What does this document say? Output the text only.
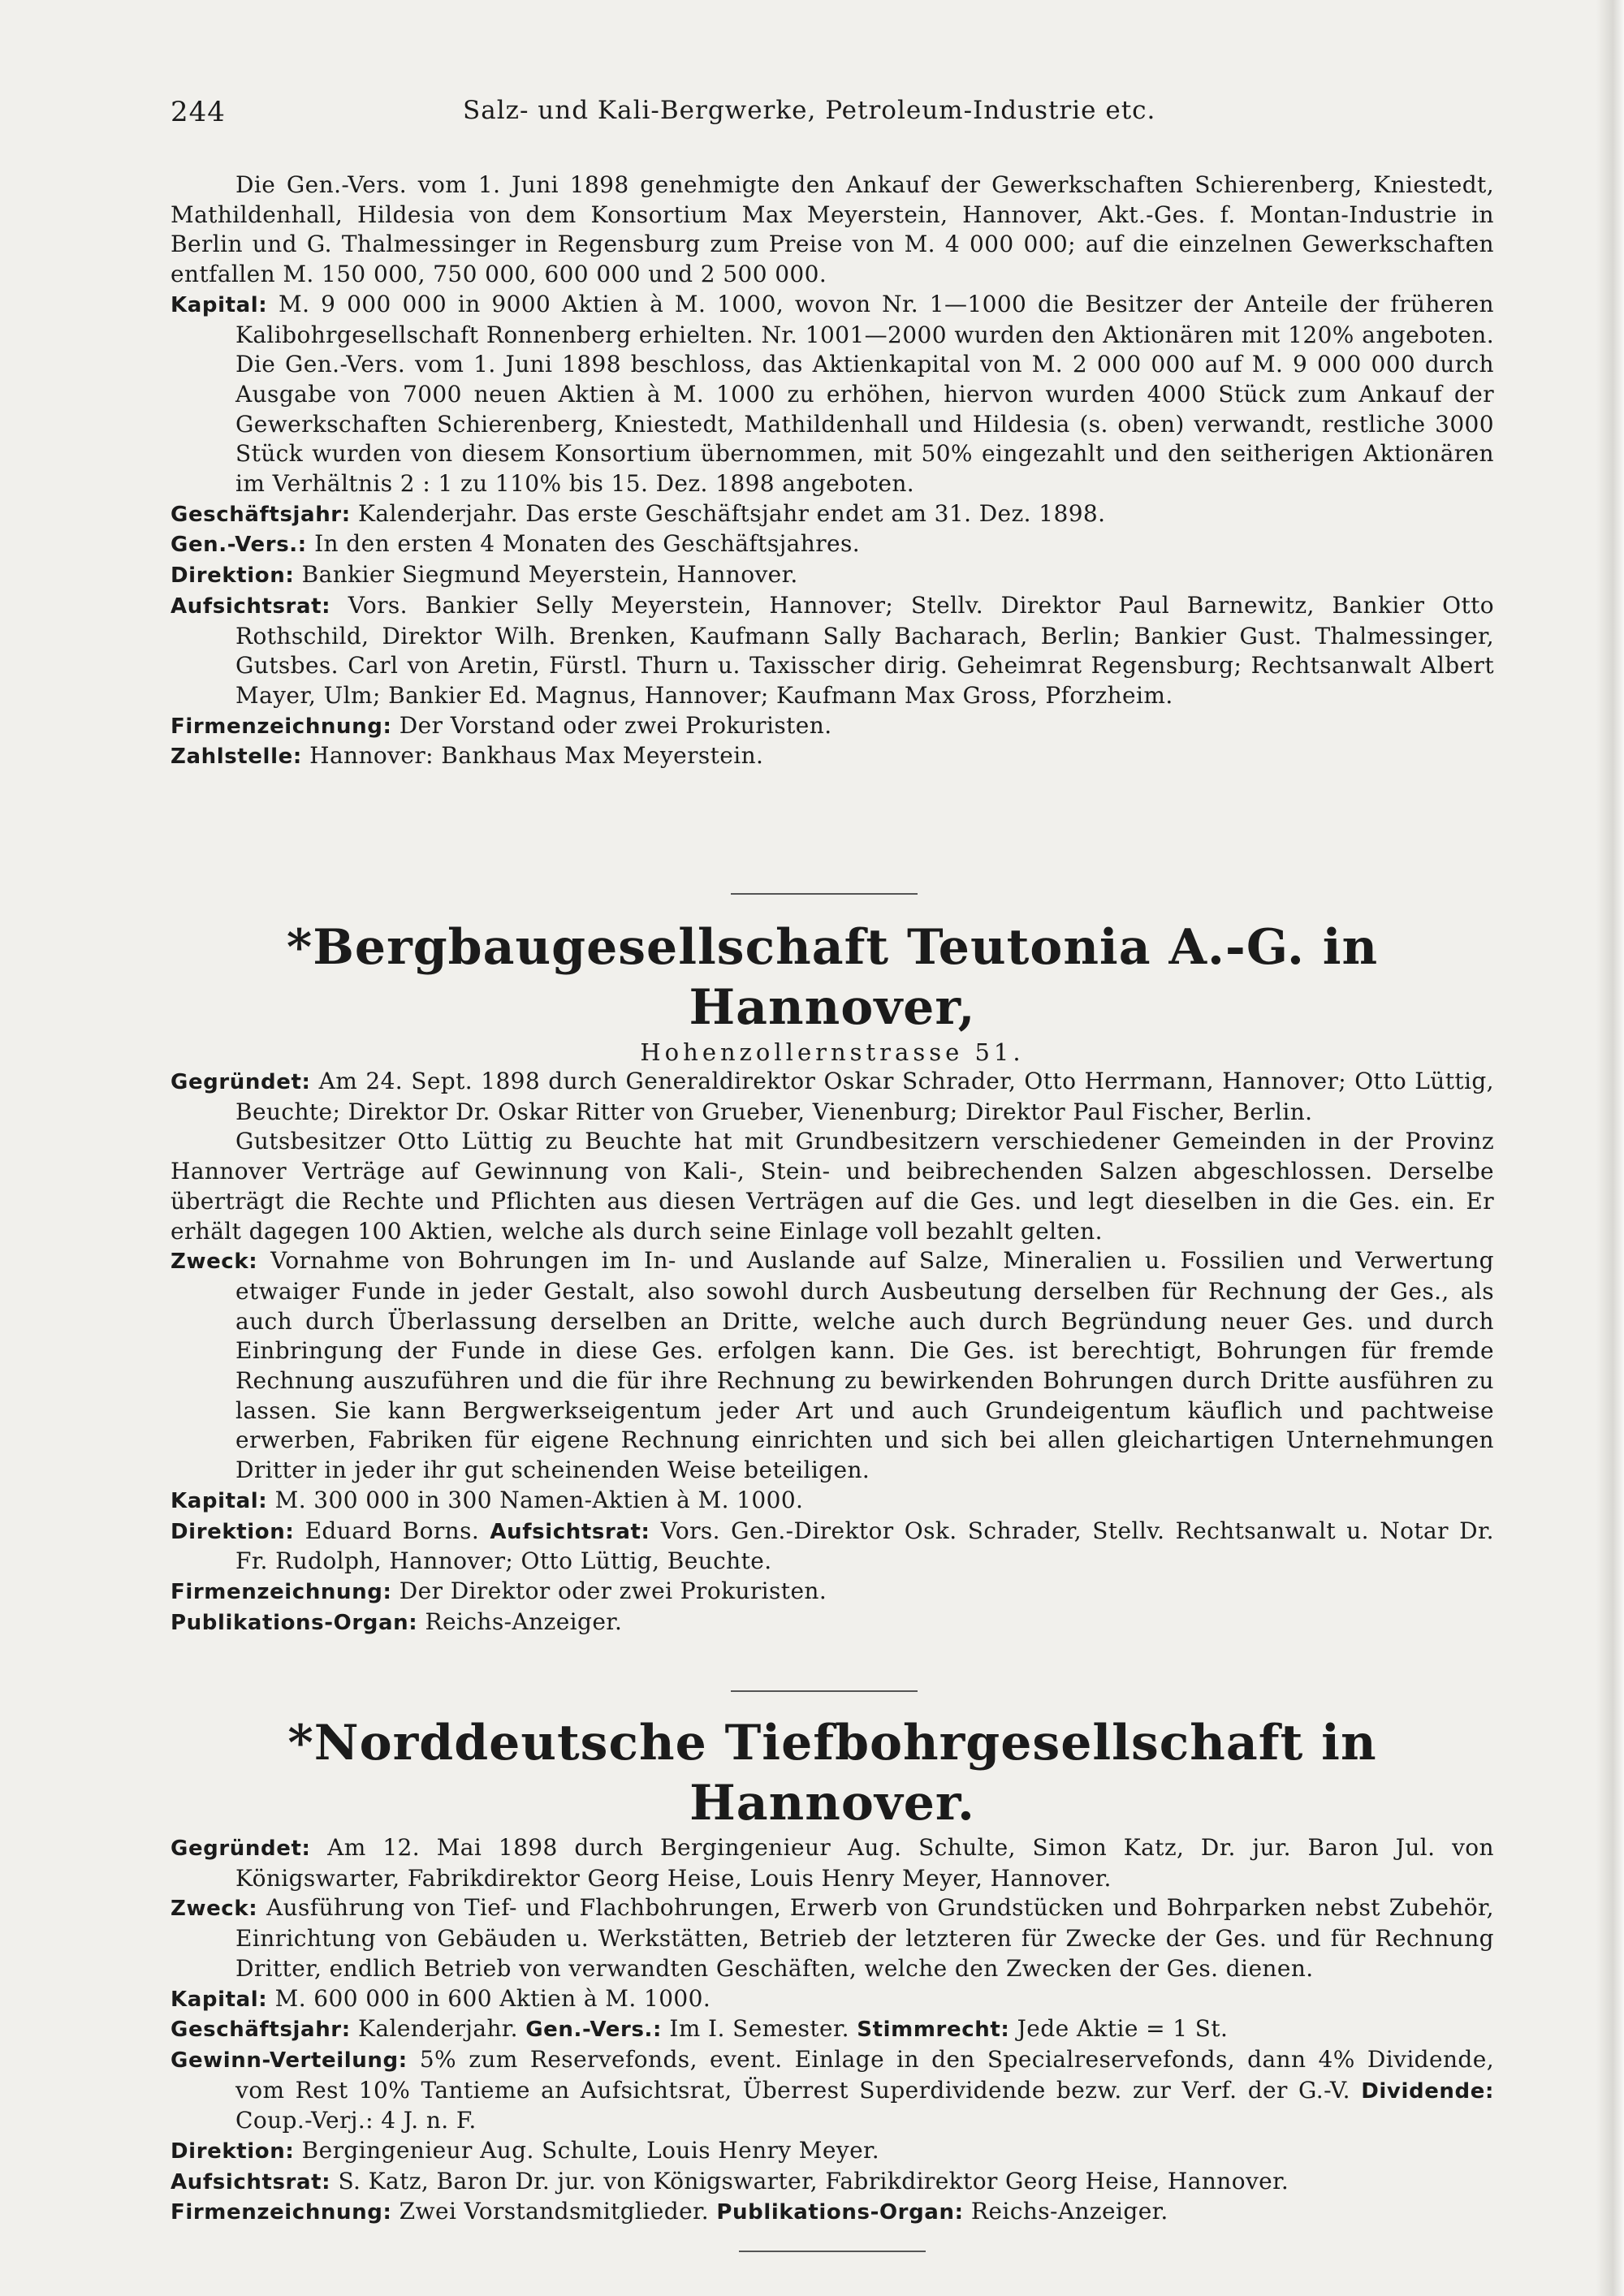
244	Salz- und Kali-Bergwerke, Petroleum-Industrie etc.

Die Gen.-Vers. vom 1. Juni 1898 genehmigte den Ankauf der Gewerkschaften Schierenberg, Kniestedt, Mathildenhall, Hildesia von dem Konsortium Max Meyerstein, Hannover, Akt.-Ges. f. Montan-Industrie in Berlin und G. Thalmessinger in Regensburg zum Preise von M. 4 000 000; auf die einzelnen Gewerkschaften entfallen M. 150 000, 750 000, 600 000 und 2 500 000.

Kapital: M. 9 000 000 in 9000 Aktien à M. 1000, wovon Nr. 1—1000 die Besitzer der Anteile der früheren Kalibohrgesellschaft Ronnenberg erhielten. Nr. 1001—2000 wurden den Aktionären mit 120% angeboten. Die Gen.-Vers. vom 1. Juni 1898 beschloss, das Aktienkapital von M. 2 000 000 auf M. 9 000 000 durch Ausgabe von 7000 neuen Aktien à M. 1000 zu erhöhen, hiervon wurden 4000 Stück zum Ankauf der Gewerkschaften Schierenberg, Kniestedt, Mathildenhall und Hildesia (s. oben) verwandt, restliche 3000 Stück wurden von diesem Konsortium übernommen, mit 50% eingezahlt und den seitherigen Aktionären im Verhältnis 2 : 1 zu 110% bis 15. Dez. 1898 angeboten.
Geschäftsjahr: Kalenderjahr. Das erste Geschäftsjahr endet am 31. Dez. 1898.
Gen.-Vers.: In den ersten 4 Monaten des Geschäftsjahres.
Direktion: Bankier Siegmund Meyerstein, Hannover.
Aufsichtsrat: Vors. Bankier Selly Meyerstein, Hannover; Stellv. Direktor Paul Barnewitz, Bankier Otto Rothschild, Direktor Wilh. Brenken, Kaufmann Sally Bacharach, Berlin; Bankier Gust. Thalmessinger, Gutsbes. Carl von Aretin, Fürstl. Thurn u. Taxisscher dirig. Geheimrat Regensburg; Rechtsanwalt Albert Mayer, Ulm; Bankier Ed. Magnus, Hannover; Kaufmann Max Gross, Pforzheim.
Firmenzeichnung: Der Vorstand oder zwei Prokuristen.
Zahlstelle: Hannover: Bankhaus Max Meyerstein.
*Bergbaugesellschaft Teutonia A.-G. in Hannover,

Hohenzollernstrasse 51.

Gegründet: Am 24. Sept. 1898 durch Generaldirektor Oskar Schrader, Otto Herrmann, Hannover; Otto Lüttig, Beuchte; Direktor Dr. Oskar Ritter von Grueber, Vienenburg; Direktor Paul Fischer, Berlin.

Gutsbesitzer Otto Lüttig zu Beuchte hat mit Grundbesitzern verschiedener Gemeinden in der Provinz Hannover Verträge auf Gewinnung von Kali-, Stein- und beibrechenden Salzen abgeschlossen. Derselbe überträgt die Rechte und Pflichten aus diesen Verträgen auf die Ges. und legt dieselben in die Ges. ein. Er erhält dagegen 100 Aktien, welche als durch seine Einlage voll bezahlt gelten.

Zweck: Vornahme von Bohrungen im In- und Auslande auf Salze, Mineralien u. Fossilien und Verwertung etwaiger Funde in jeder Gestalt, also sowohl durch Ausbeutung derselben für Rechnung der Ges., als auch durch Überlassung derselben an Dritte, welche auch durch Begründung neuer Ges. und durch Einbringung der Funde in diese Ges. erfolgen kann. Die Ges. ist berechtigt, Bohrungen für fremde Rechnung auszuführen und die für ihre Rechnung zu bewirkenden Bohrungen durch Dritte ausführen zu lassen. Sie kann Bergwerkseigentum jeder Art und auch Grundeigentum käuflich und pachtweise erwerben, Fabriken für eigene Rechnung einrichten und sich bei allen gleichartigen Unternehmungen Dritter in jeder ihr gut scheinenden Weise beteiligen.
Kapital: M. 300 000 in 300 Namen-Aktien à M. 1000.
Direktion: Eduard Borns. Aufsichtsrat: Vors. Gen.-Direktor Osk. Schrader, Stellv. Rechtsanwalt u. Notar Dr. Fr. Rudolph, Hannover; Otto Lüttig, Beuchte.
Firmenzeichnung: Der Direktor oder zwei Prokuristen.
Publikations-Organ: Reichs-Anzeiger.
*Norddeutsche Tiefbohrgesellschaft in Hannover.
Gegründet: Am 12. Mai 1898 durch Bergingenieur Aug. Schulte, Simon Katz, Dr. jur. Baron Jul. von Königswarter, Fabrikdirektor Georg Heise, Louis Henry Meyer, Hannover.
Zweck: Ausführung von Tief- und Flachbohrungen, Erwerb von Grundstücken und Bohrparken nebst Zubehör, Einrichtung von Gebäuden u. Werkstätten, Betrieb der letzteren für Zwecke der Ges. und für Rechnung Dritter, endlich Betrieb von verwandten Geschäften, welche den Zwecken der Ges. dienen.
Kapital: M. 600 000 in 600 Aktien à M. 1000.
Geschäftsjahr: Kalenderjahr. Gen.-Vers.: Im I. Semester. Stimmrecht: Jede Aktie = 1 St.
Gewinn-Verteilung: 5% zum Reservefonds, event. Einlage in den Specialreservefonds, dann 4% Dividende, vom Rest 10% Tantieme an Aufsichtsrat, Überrest Superdividende bezw. zur Verf. der G.-V. Dividende: Coup.-Verj.: 4 J. n. F.
Direktion: Bergingenieur Aug. Schulte, Louis Henry Meyer.
Aufsichtsrat: S. Katz, Baron Dr. jur. von Königswarter, Fabrikdirektor Georg Heise, Hannover.
Firmenzeichnung: Zwei Vorstandsmitglieder. Publikations-Organ: Reichs-Anzeiger.
